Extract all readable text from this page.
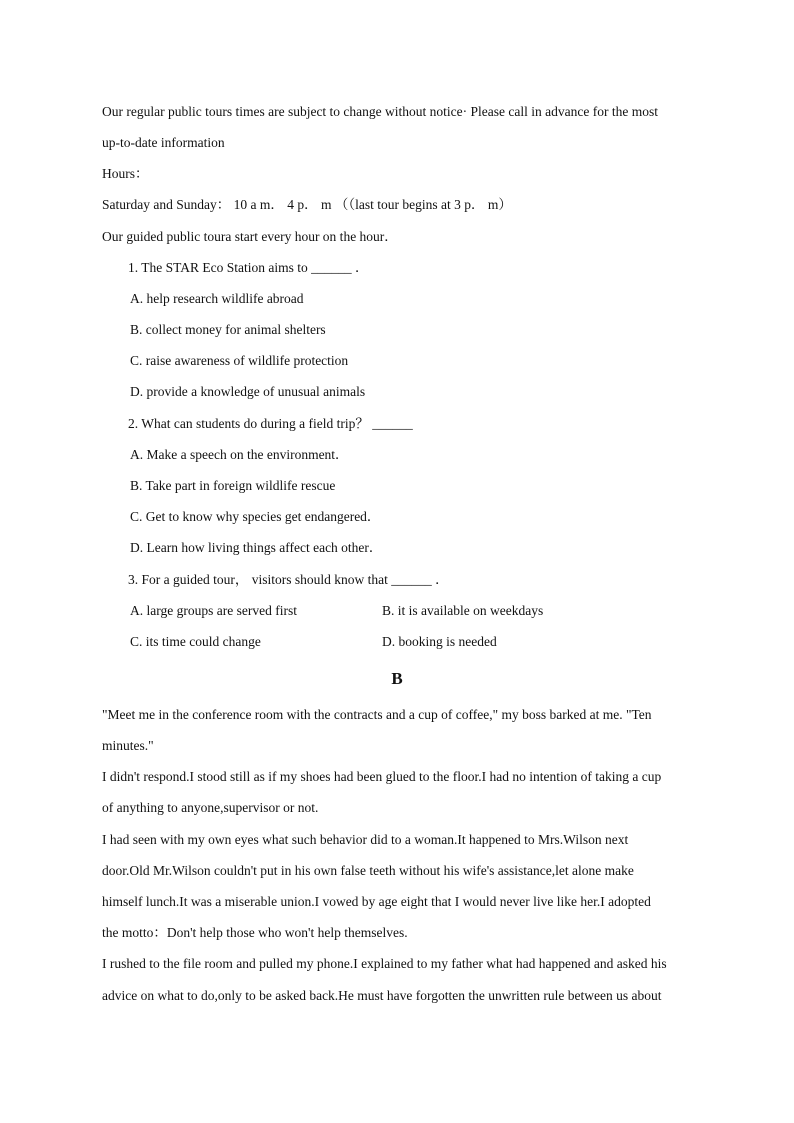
Our regular public tours times are subject to change without notice· Please call in advance for the most
up-to-date information
Hours：
Saturday and Sunday： 10 a m． 4 p． m （（last tour begins at 3 p． m）
Our guided public toura start every hour on the hour．
1. The STAR Eco Station aims to ______ ．
A. help research wildlife abroad
B. collect money for animal shelters
C. raise awareness of wildlife protection
D. provide a knowledge of unusual animals
2. What can students do during a field trip？ ______
A. Make a speech on the environment．
B. Take part in foreign wildlife rescue
C. Get to know why species get endangered．
D. Learn how living things affect each other．
3. For a guided tour， visitors should know that ______ ．
A. large groups are served first	B. it is available on weekdays
C. its time could change	D. booking is needed
B
"Meet me in the conference room with the contracts and a cup of coffee," my boss barked at me. "Ten
minutes."
I didn't respond.I stood still as if my shoes had been glued to the floor.I had no intention of taking a cup
of anything to anyone,supervisor or not.
I had seen with my own eyes what such behavior did to a woman.It happened to Mrs.Wilson next
door.Old Mr.Wilson couldn't put in his own false teeth without his wife's assistance,let alone make
himself lunch.It was a miserable union.I vowed by age eight that I would never live like her.I adopted
the motto：Don't help those who won't help themselves.
I rushed to the file room and pulled my phone.I explained to my father what had happened and asked his
advice on what to do,only to be asked back.He must have forgotten the unwritten rule between us about
